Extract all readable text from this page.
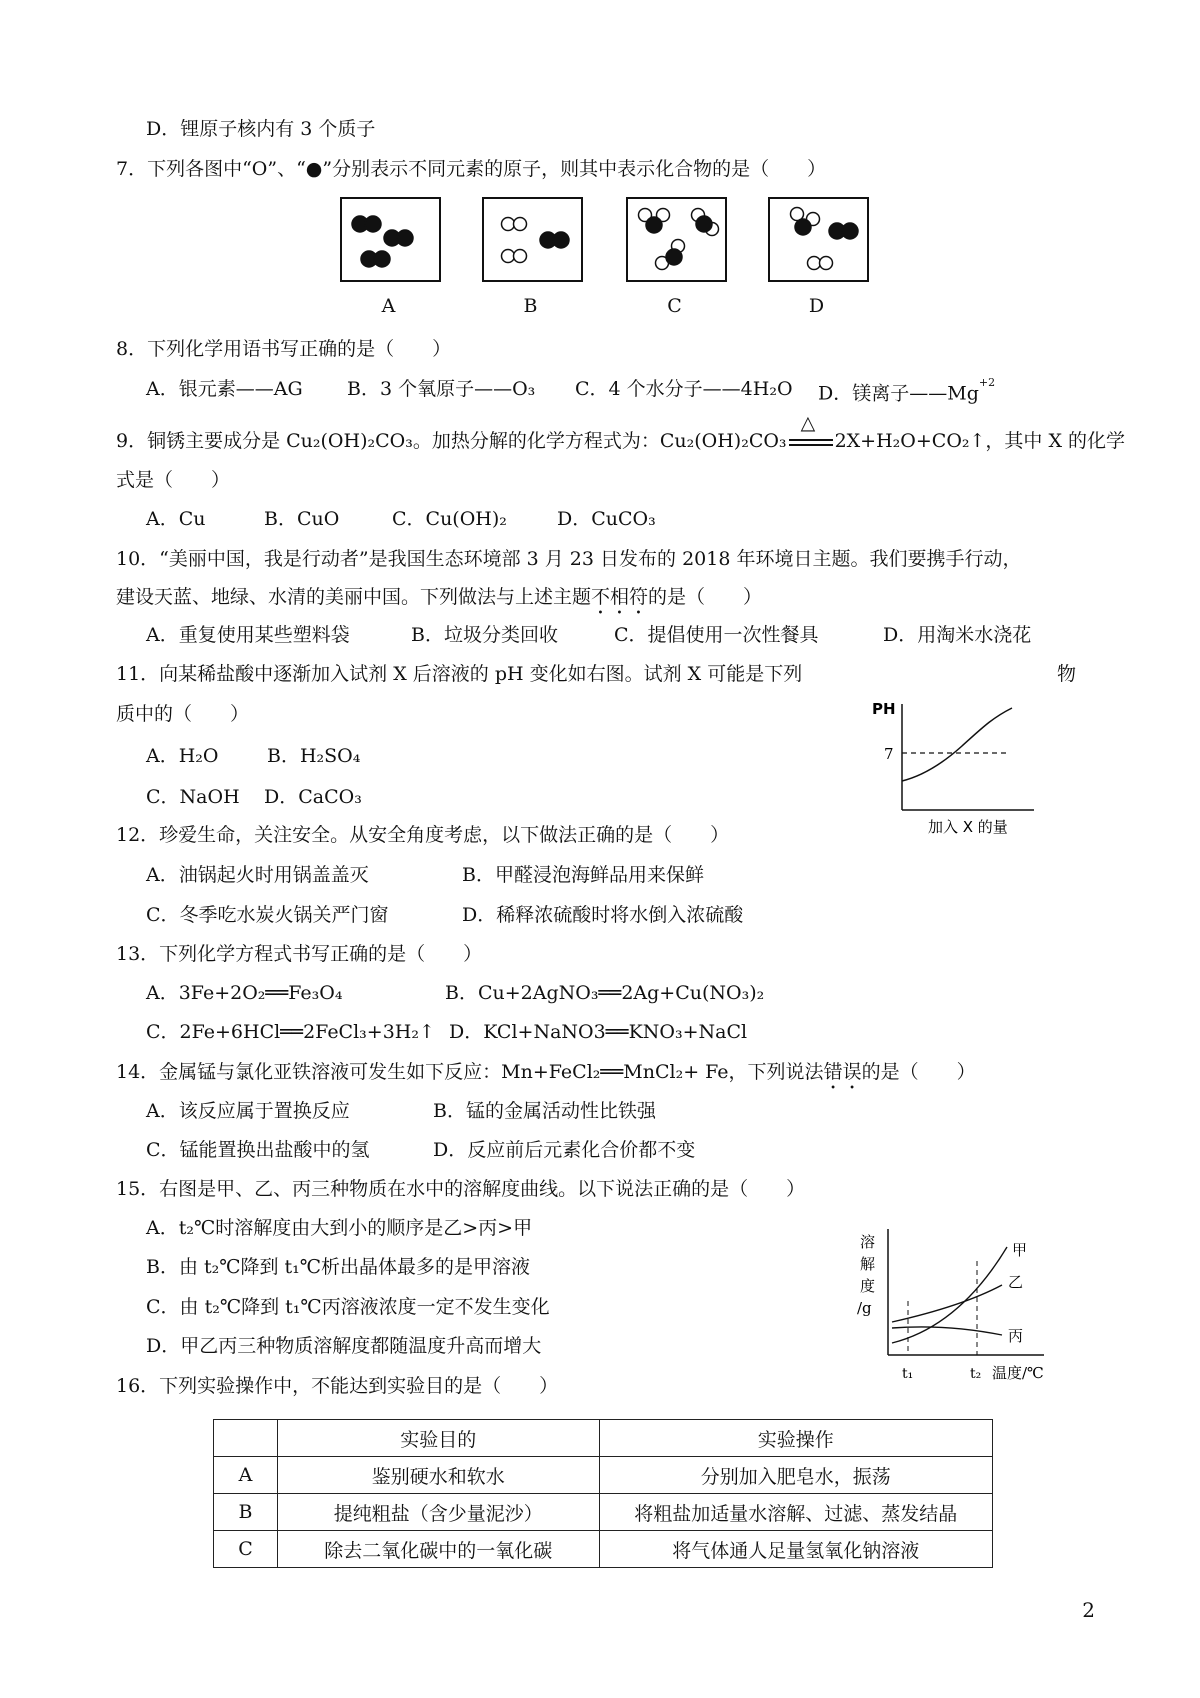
D．锂原子核内有 3 个质子
7．下列各图中“O”、“●”分别表示不同元素的原子，则其中表示化合物的是（　　）
A	B	C	D
8．下列化学用语书写正确的是（　　）
A．银元素——AG B．3 个氧原子——O₃ C．4 个水分子——4H₂O D．镁离子$——Mg^{+2}$
9．铜锈主要成分是 Cu₂(OH)₂CO₃。加热分解的化学方程式为：Cu₂(OH)₂CO₃
△
2X+H₂O+CO₂↑，其中 X 的化学
式是（　　）
A．Cu	B．CuO	C．Cu(OH)₂	D．CuCO₃
10．“美丽中国，我是行动者”是我国生态环境部 3 月 23 日发布的 2018 年环境日主题。我们要携手行动，
建设天蓝、地绿、水清的美丽中国。下列做法与上述主题不相符的是（　　）
A．重复使用某些塑料袋	B．垃圾分类回收	C．提倡使用一次性餐具	D．用淘米水浇花
11．向某稀盐酸中逐渐加入试剂 X 后溶液的 pH 变化如右图。试剂 X 可能是下列	物
质中的（　　）
A．H₂O	B．H₂SO₄
C．NaOH D．CaCO₃
PH
7
加入 X 的量
12．珍爱生命，关注安全。从安全角度考虑，以下做法正确的是（　　）
A．油锅起火时用锅盖盖灭	B．甲醛浸泡海鲜品用来保鲜
C．冬季吃水炭火锅关严门窗	D．稀释浓硫酸时将水倒入浓硫酸
13．下列化学方程式书写正确的是（　　）
A．3Fe+2O₂══Fe₃O₄	B．Cu+2AgNO₃══2Ag+Cu(NO₃)₂
C．2Fe+6HCl══2FeCl₃+3H₂↑ D．KCl+NaNO3══KNO₃+NaCl
14．金属锰与氯化亚铁溶液可发生如下反应：Mn+FeCl₂══MnCl₂+ Fe，下列说法错误的是（　　）
A．该反应属于置换反应	B．锰的金属活动性比铁强
C．锰能置换出盐酸中的氢	D．反应前后元素化合价都不变
15．右图是甲、乙、丙三种物质在水中的溶解度曲线。以下说法正确的是（　　）
A．t₂℃时溶解度由大到小的顺序是乙>丙>甲
B．由 t₂℃降到 t₁℃析出晶体最多的是甲溶液
C．由 t₂℃降到 t₁℃丙溶液浓度一定不发生变化
D．甲乙丙三种物质溶解度都随温度升高而增大
溶
解
度
/g
甲
乙
丙
t₁	t₂ 温度/℃
16．下列实验操作中，不能达到实验目的是（　　）
	实验目的	实验操作
A	鉴别硬水和软水	分别加入肥皂水，振荡
B	提纯粗盐（含少量泥沙）	将粗盐加适量水溶解、过滤、蒸发结晶
C	除去二氧化碳中的一氧化碳	将气体通人足量氢氧化钠溶液
2
